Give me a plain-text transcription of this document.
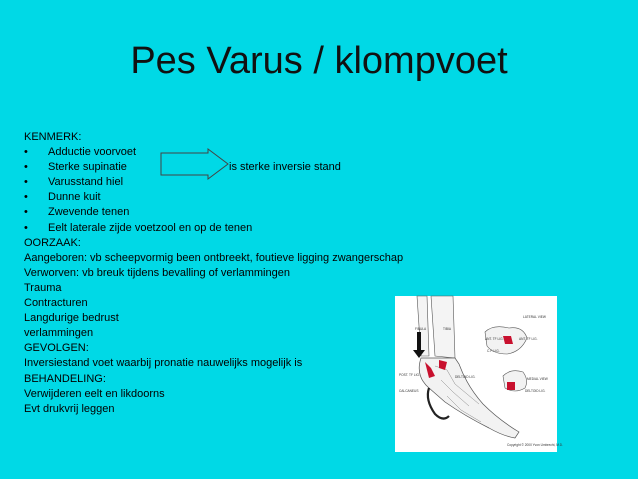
Pes Varus / klompvoet
KENMERK:
• Adductie voorvoet
• Sterke supinatie
• Varusstand hiel
• Dunne kuit
• Zwevende tenen
• Eelt laterale zijde voetzool en op de tenen
OORZAAK:
Aangeboren: vb scheepvormig been ontbreekt, foutieve ligging zwangerschap
Verworven: vb breuk tijdens bevalling of verlammingen
Trauma
Contracturen
Langdurige bedrust
verlammingen
GEVOLGEN:
Inversiestand voet waarbij pronatie nauwelijks mogelijk is
BEHANDELING:
Verwijderen eelt en likdoorns
Evt drukvrij leggen
is sterke inversie stand
FIBULA	TIBIA
LATERAL VIEW
ANT. TF LIG.	ANT. TF LIG.
C.F. LIG.
DELTOID LIG.	MEDIAL VIEW
DELTOID LIG.
POST. TF LIG.
CALCANEUS
Copyright © 2000 Yvon Umbrecht, M.D.
